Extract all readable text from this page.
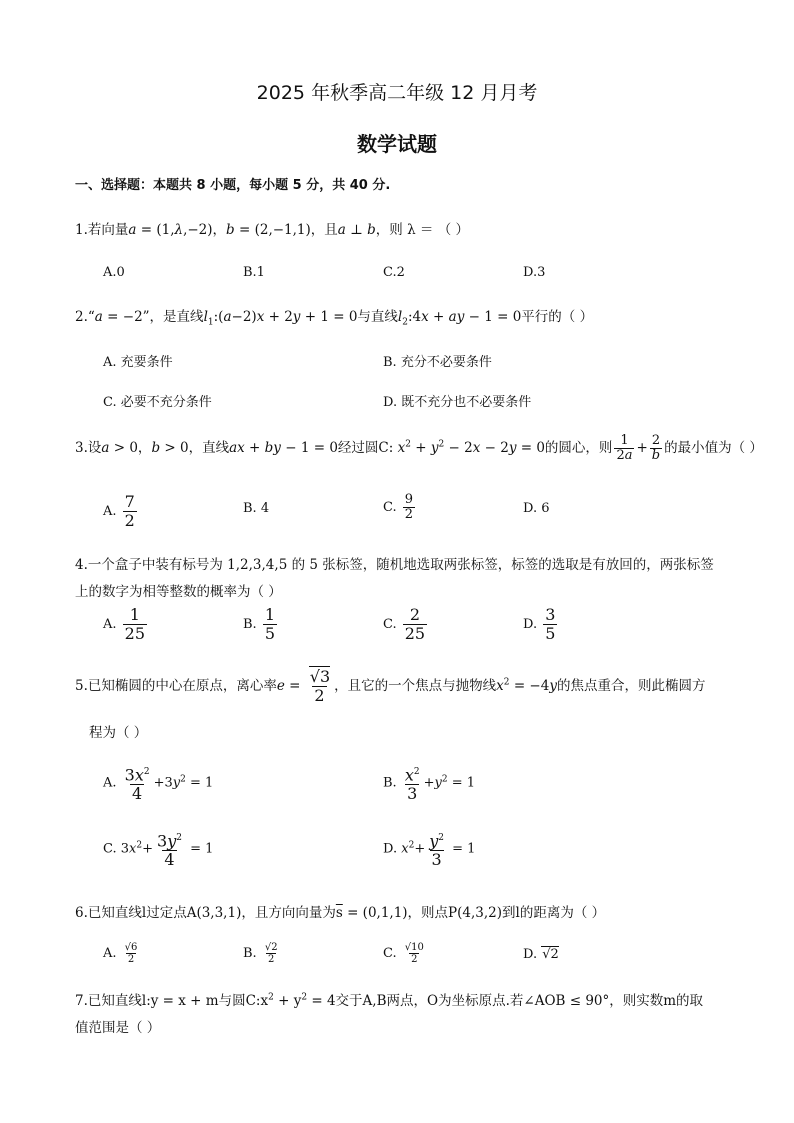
2025 年秋季高二年级 12 月月考
数学试题
一、选择题：本题共 8 小题，每小题 5 分，共 40 分.
1.若向量a = (1,λ,−2)，b = (2,−1,1)，且a ⊥ b，则 λ ＝ （ ）
A.0	B.1	C.2	D.3
2.“a = −2”，是直线$l_1:(a-2)x + 2y + 1 = 0$与直线$l_2:4x$ + ay − 1 = 0平行的（ ）
A. 充要条件	B. 充分不必要条件
C. 必要不充分条件	D. 既不充分也不必要条件
3.设a > 0，b > 0，直线ax + by − 1 = 0经过圆C: $x^2 + y^2 - 2x - 2y = 0$的圆心，则 $\frac{1}{2a} + \frac{2}{b}$ 的最小值为（ ）
A. $\frac{7}{2}$	B. 4	C. $\frac{9}{2}$	D. 6
4.一个盒子中装有标号为 1,2,3,4,5 的 5 张标签，随机地选取两张标签，标签的选取是有放回的，两张标签上的数字为相等整数的概率为（ ）
A. $\frac{1}{25}$	B. $\frac{1}{5}$	C. $\frac{2}{25}$	D. $\frac{3}{5}$
5.已知椭圆的中心在原点，离心率$e = \frac{√3}{2}$ ，且它的一个焦点与抛物线$x^2 = -4y$的焦点重合，则此椭圆方
程为（ ）
A. $\frac{3x^2}{4} +3y^2 = 1$	B. $\frac{x^2}{3} +y^2 = 1$
C. $3x^2+ \frac{3y^2}{4} = 1$	D. $x^2+ \frac{y^2}{3} = 1$
6.已知直线l过定点A(3,3,1)，且方向向量为$\overline{s} = (0,1,1)$，则点P(4,3,2)到l的距离为（ ）
A. $\frac{√6}{2}$	B. $\frac{√2}{2}$	C. $\frac{√10}{2}$	D. √2
7.已知直线l:y = x + m与圆$C:x^2 + y^2 = 4$交于A,B两点，O为坐标原点.若∠AOB ≤ 90°，则实数m的取
值范围是（ ）
